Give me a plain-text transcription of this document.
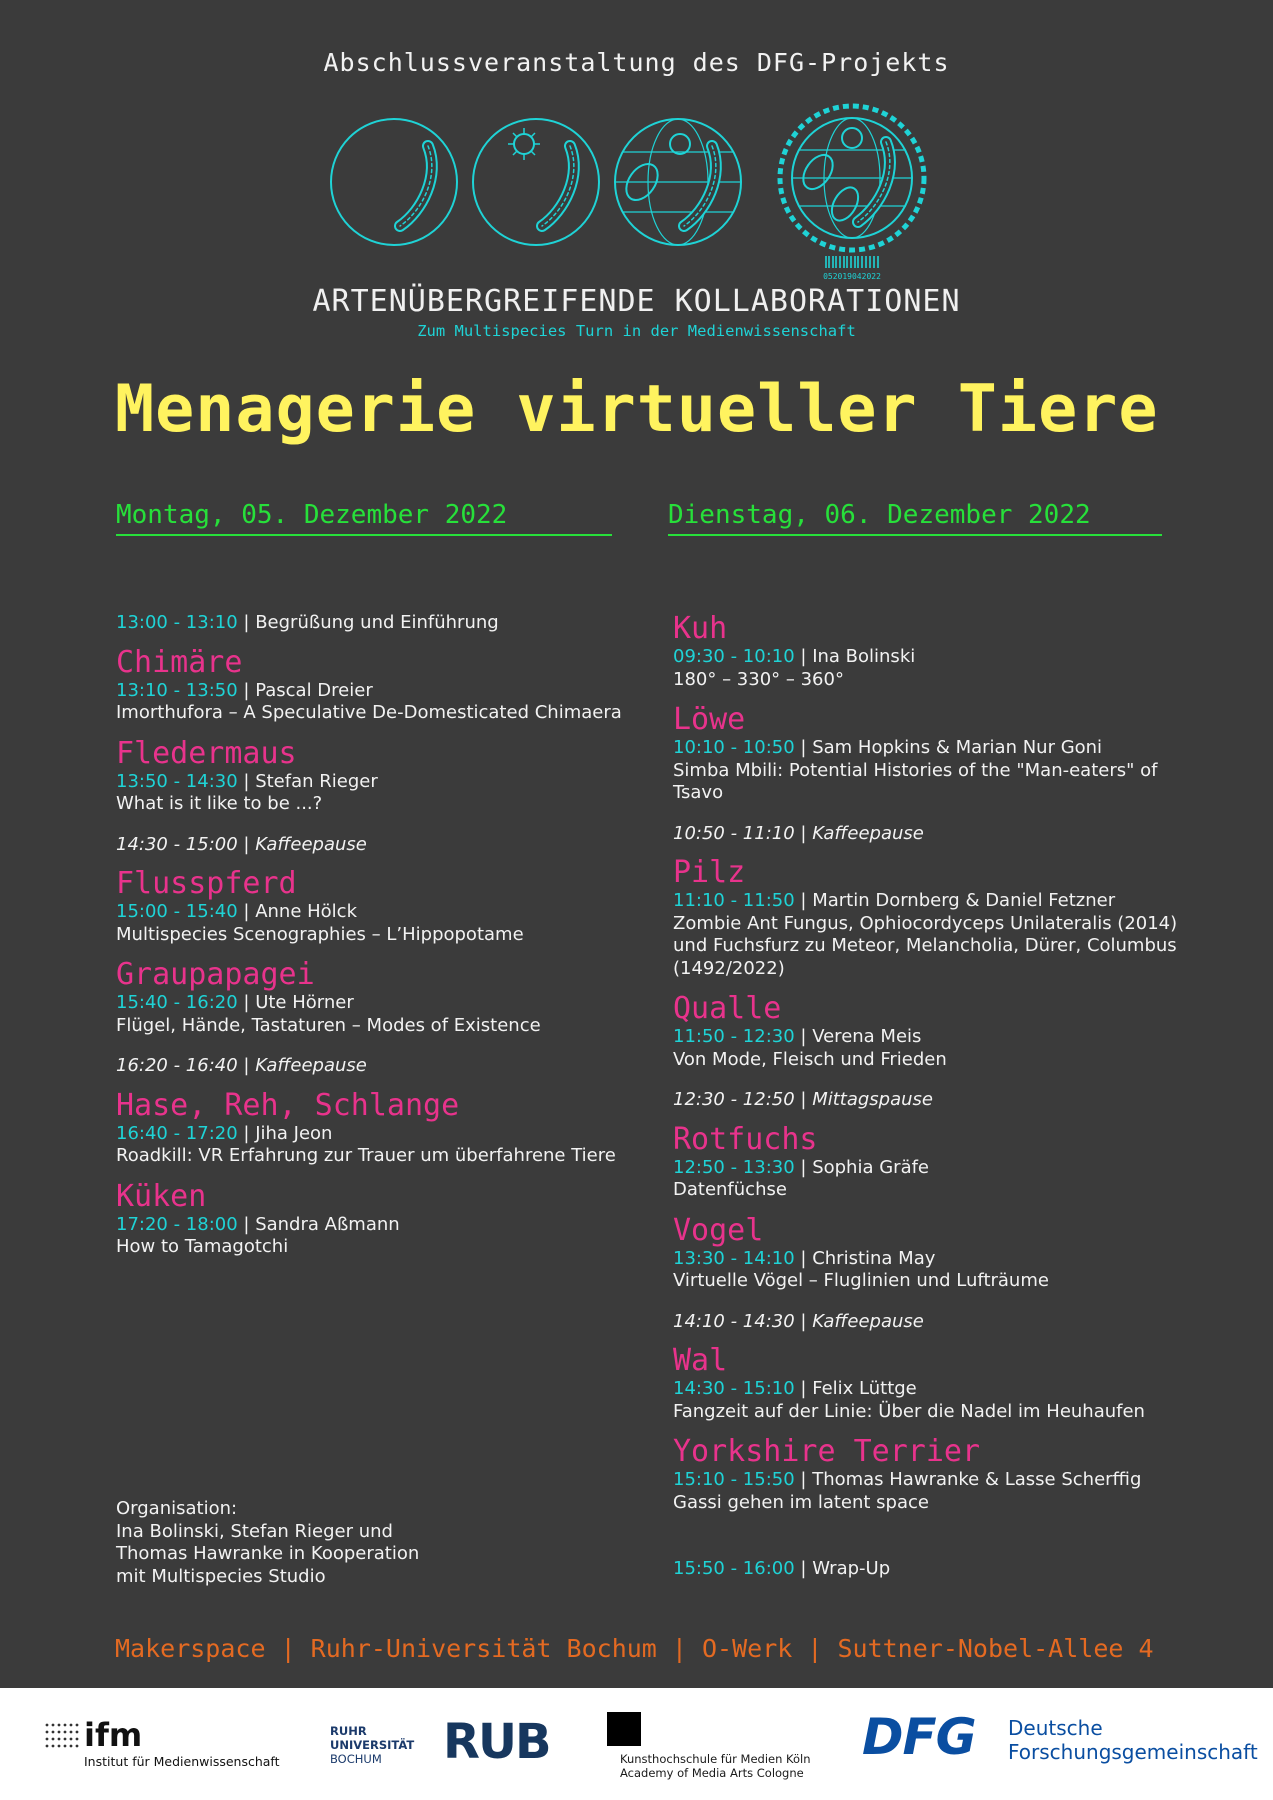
Abschlussveranstaltung des DFG-Projekts
052019042022
ARTENÜBERGREIFENDE KOLLABORATIONEN
Zum Multispecies Turn in der Medienwissenschaft
Menagerie virtueller Tiere
Montag, 05. Dezember 2022	Dienstag, 06. Dezember 2022
13:00 - 13:10 | Begrüßung und Einführung
Chimäre
13:10 - 13:50 | Pascal Dreier
Imorthufora – A Speculative De-Domesticated Chimaera
Fledermaus
13:50 - 14:30 | Stefan Rieger
What is it like to be ...?
14:30 - 15:00 | Kaffeepause
Flusspferd
15:00 - 15:40 | Anne Hölck
Multispecies Scenographies – L’Hippopotame
Graupapagei
15:40 - 16:20 | Ute Hörner
Flügel, Hände, Tastaturen – Modes of Existence
16:20 - 16:40 | Kaffeepause
Hase, Reh, Schlange
16:40 - 17:20 | Jiha Jeon
Roadkill: VR Erfahrung zur Trauer um überfahrene Tiere
Küken
17:20 - 18:00 | Sandra Aßmann
How to Tamagotchi
Kuh
09:30 - 10:10 | Ina Bolinski
180° – 330° – 360°
Löwe
10:10 - 10:50 | Sam Hopkins & Marian Nur Goni
Simba Mbili: Potential Histories of the "Man-eaters" of Tsavo
10:50 - 11:10 | Kaffeepause
Pilz
11:10 - 11:50 | Martin Dornberg & Daniel Fetzner
Zombie Ant Fungus, Ophiocordyceps Unilateralis (2014) und Fuchsfurz zu Meteor, Melancholia, Dürer, Columbus (1492/2022)
Qualle
11:50 - 12:30 | Verena Meis
Von Mode, Fleisch und Frieden
12:30 - 12:50 | Mittagspause
Rotfuchs
12:50 - 13:30 | Sophia Gräfe
Datenfüchse
Vogel
13:30 - 14:10 | Christina May
Virtuelle Vögel – Fluglinien und Lufträume
14:10 - 14:30 | Kaffeepause
Wal
14:30 - 15:10 | Felix Lüttge
Fangzeit auf der Linie: Über die Nadel im Heuhaufen
Yorkshire Terrier
15:10 - 15:50 | Thomas Hawranke & Lasse Scherffig
Gassi gehen im latent space
15:50 - 16:00 | Wrap-Up
Organisation:
Ina Bolinski, Stefan Rieger und
Thomas Hawranke in Kooperation
mit Multispecies Studio
Makerspace | Ruhr-Universität Bochum | O-Werk | Suttner-Nobel-Allee 4
ifm
Institut für Medienwissenschaft
RUHR
UNIVERSITÄT
BOCHUM	RUB	Kunsthochschule für Medien Köln
Academy of Media Arts Cologne
DFG Deutsche
Forschungsgemeinschaft
